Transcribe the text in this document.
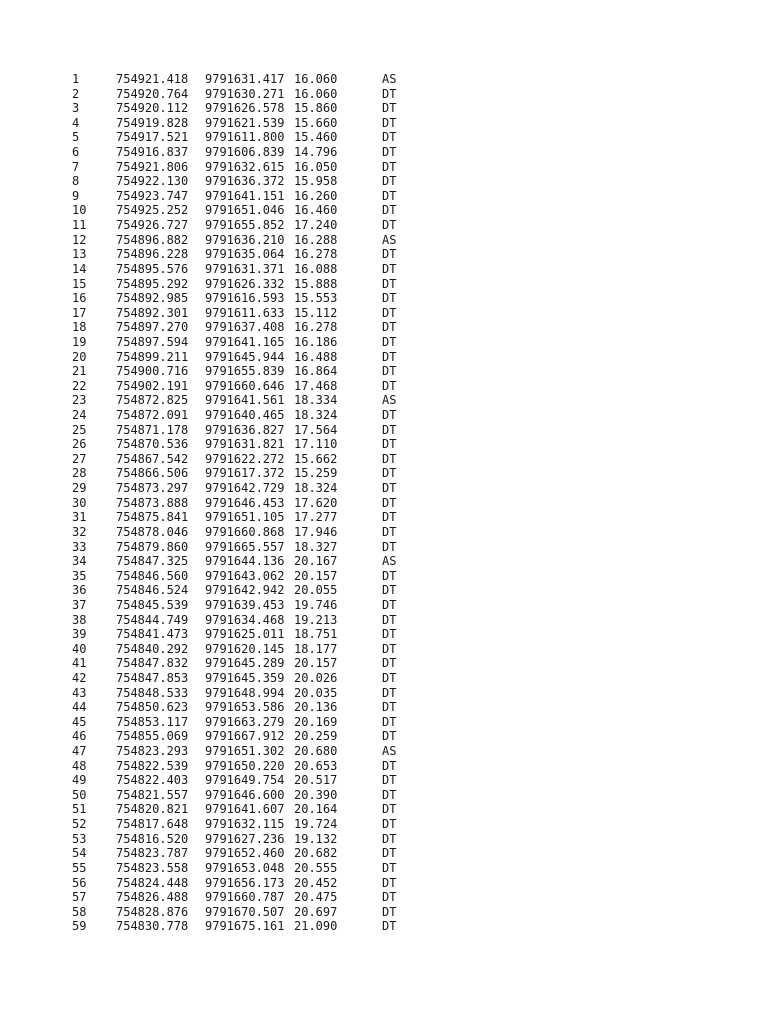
1	754921.418 9791631.417 16.060	AS
2	754920.764 9791630.271 16.060	DT
3	754920.112 9791626.578 15.860	DT
4	754919.828 9791621.539 15.660	DT
5	754917.521 9791611.800 15.460	DT
6	754916.837 9791606.839 14.796	DT
7	754921.806 9791632.615 16.050	DT
8	754922.130 9791636.372 15.958	DT
9	754923.747 9791641.151 16.260	DT
10 754925.252 9791651.046 16.460	DT
11 754926.727 9791655.852 17.240	DT
12 754896.882 9791636.210 16.288	AS
13 754896.228 9791635.064 16.278	DT
14 754895.576 9791631.371 16.088	DT
15 754895.292 9791626.332 15.888	DT
16 754892.985 9791616.593 15.553	DT
17 754892.301 9791611.633 15.112	DT
18 754897.270 9791637.408 16.278	DT
19 754897.594 9791641.165 16.186	DT
20 754899.211 9791645.944 16.488	DT
21 754900.716 9791655.839 16.864	DT
22 754902.191 9791660.646 17.468	DT
23 754872.825 9791641.561 18.334	AS
24 754872.091 9791640.465 18.324	DT
25 754871.178 9791636.827 17.564	DT
26 754870.536 9791631.821 17.110	DT
27 754867.542 9791622.272 15.662	DT
28 754866.506 9791617.372 15.259	DT
29 754873.297 9791642.729 18.324	DT
30 754873.888 9791646.453 17.620	DT
31 754875.841 9791651.105 17.277	DT
32 754878.046 9791660.868 17.946	DT
33 754879.860 9791665.557 18.327	DT
34 754847.325 9791644.136 20.167	AS
35 754846.560 9791643.062 20.157	DT
36 754846.524 9791642.942 20.055	DT
37 754845.539 9791639.453 19.746	DT
38 754844.749 9791634.468 19.213	DT
39 754841.473 9791625.011 18.751	DT
40 754840.292 9791620.145 18.177	DT
41 754847.832 9791645.289 20.157	DT
42 754847.853 9791645.359 20.026	DT
43 754848.533 9791648.994 20.035	DT
44 754850.623 9791653.586 20.136	DT
45 754853.117 9791663.279 20.169	DT
46 754855.069 9791667.912 20.259	DT
47 754823.293 9791651.302 20.680	AS
48 754822.539 9791650.220 20.653	DT
49 754822.403 9791649.754 20.517	DT
50 754821.557 9791646.600 20.390	DT
51 754820.821 9791641.607 20.164	DT
52 754817.648 9791632.115 19.724	DT
53 754816.520 9791627.236 19.132	DT
54 754823.787 9791652.460 20.682	DT
55 754823.558 9791653.048 20.555	DT
56 754824.448 9791656.173 20.452	DT
57 754826.488 9791660.787 20.475	DT
58 754828.876 9791670.507 20.697	DT
59 754830.778 9791675.161 21.090	DT
